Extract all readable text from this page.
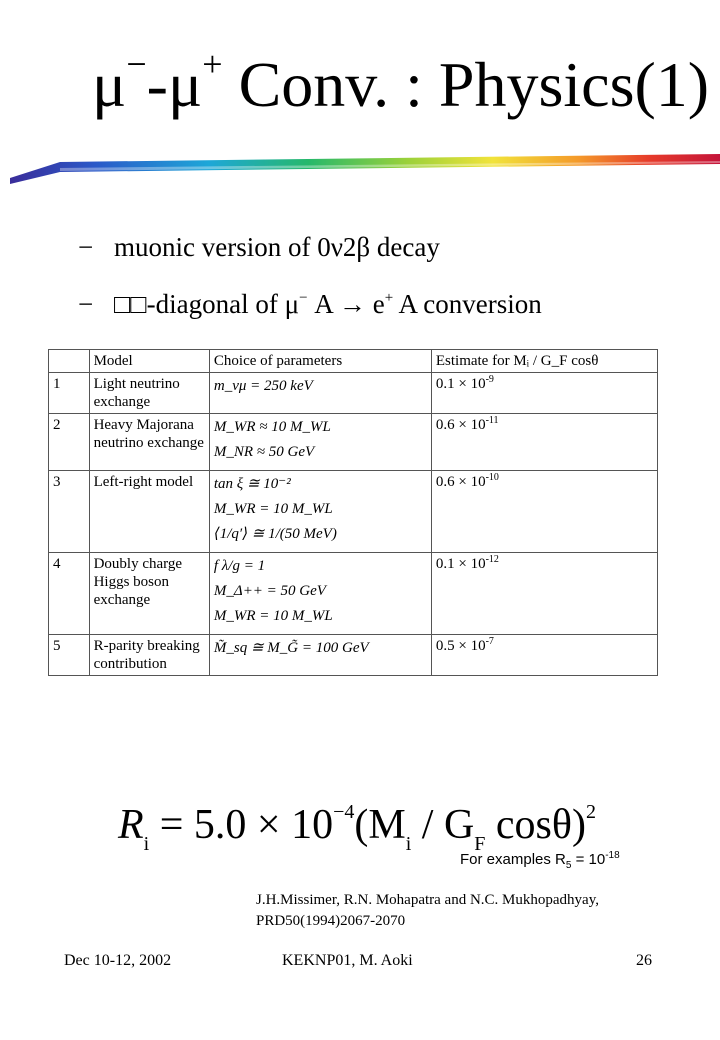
μ−-μ+ Conv. : Physics(1)
− muonic version of 0ν2β decay
− □□-diagonal of μ− A → e+ A conversion
	Model	Choice of parameters	Estimate for Mᵢ / G_F cosθ
1	Light neutrino exchange	m_νμ = 250 keV	$0.1 \times 10^{-9}$
2	Heavy Majorana neutrino exchange	M_WR ≈ 10 M_WL
M_NR ≈ 50 GeV	$0.6 \times 10^{-11}$
3	Left-right model	tan ξ ≅ 10⁻²
M_WR = 10 M_WL
⟨1/q′⟩ ≅ 1/(50 MeV)	$0.6 \times 10^{-10}$
4	Doubly charge Higgs boson exchange	f λ/g = 1
M_Δ++ = 50 GeV
M_WR = 10 M_WL	$0.1 \times 10^{-12}$
5	R-parity breaking contribution	M̃_sq ≅ M_G̃ = 100 GeV	$0.5 \times 10^{-7}$
$R_i = 5.0 \times 10^{-4}(M_i / G_F$ cosθ)$^2$
For examples $R_5 = 10^{-18}$
J.H.Missimer, R.N. Mohapatra and N.C. Mukhopadhyay,
PRD50(1994)2067-2070
Dec 10-12, 2002	KEKNP01, M. Aoki	26
